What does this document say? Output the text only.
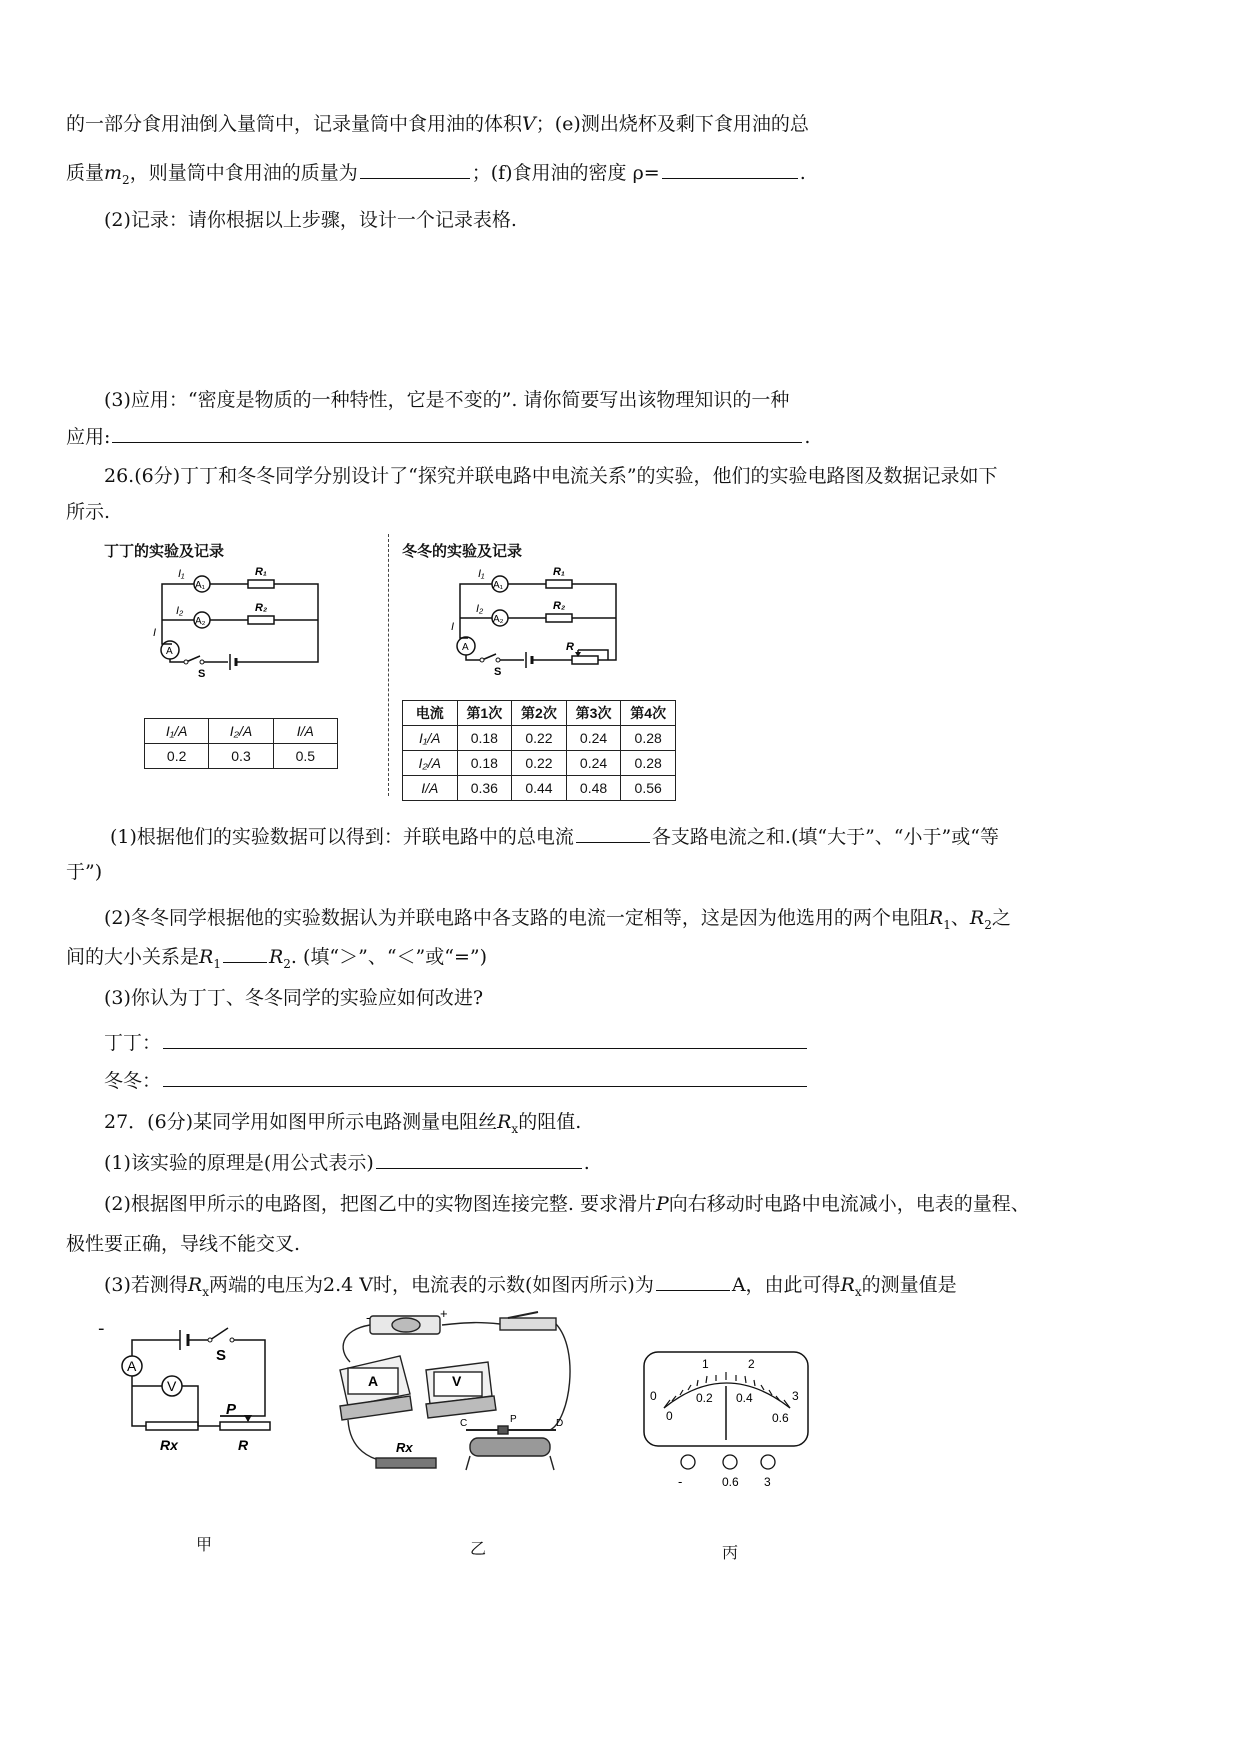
的一部分食用油倒入量筒中，记录量筒中食用油的体积V；(e)测出烧杯及剩下食用油的总
质量$m_2$，则量筒中食用油的质量为	；(f)食用油的密度 ρ=	.
(2)记录：请你根据以上步骤，设计一个记录表格.
(3)应用：“密度是物质的一种特性，它是不变的”. 请你简要写出该物理知识的一种
应用:	.
26.(6分)丁丁和冬冬同学分别设计了“探究并联电路中电流关系”的实验，他们的实验电路图及数据记录如下
所示.
丁丁的实验及记录	冬冬的实验及记录
I₁
I₂
I
A₁
A₂
A
R₁
R₂
S
I₁
I₂
I
A₁
A₂
A
R₁
R₂
R
S
I₁/A	I₂/A	I/A
0.2	0.3	0.5
电流	第1次	第2次	第3次	第4次
I₁/A	0.18	0.22	0.24	0.28
I₂/A	0.18	0.22	0.24	0.28
I/A	0.36	0.44	0.48	0.56
(1)根据他们的实验数据可以得到：并联电路中的总电流	各支路电流之和.(填“大于”、“小于”或“等
于”)
(2)冬冬同学根据他的实验数据认为并联电路中各支路的电流一定相等，这是因为他选用的两个电阻$R_1$、$R_2$之
间的大小关系是$R_1$	$R_2$. (填“＞”、“＜”或“=”)
(3)你认为丁丁、冬冬同学的实验应如何改进?
丁丁：
冬冬：
27．(6分)某同学用如图甲所示电路测量电阻丝$R_x$的阻值.
(1)该实验的原理是(用公式表示)	.
(2)根据图甲所示的电路图，把图乙中的实物图连接完整. 要求滑片P向右移动时电路中电流减小，电表的量程、
极性要正确，导线不能交叉.
(3)若测得$R_x$两端的电压为2.4 V时，电流表的示数(如图丙所示)为	A，由此可得$R_x$的测量值是
-
A
V
S
P
Rx	R
-	+
A	V
Rx
C	P	D
0
1	2
3
0
0.2 0.4
0.6
-	0.6 3
甲	乙	丙
